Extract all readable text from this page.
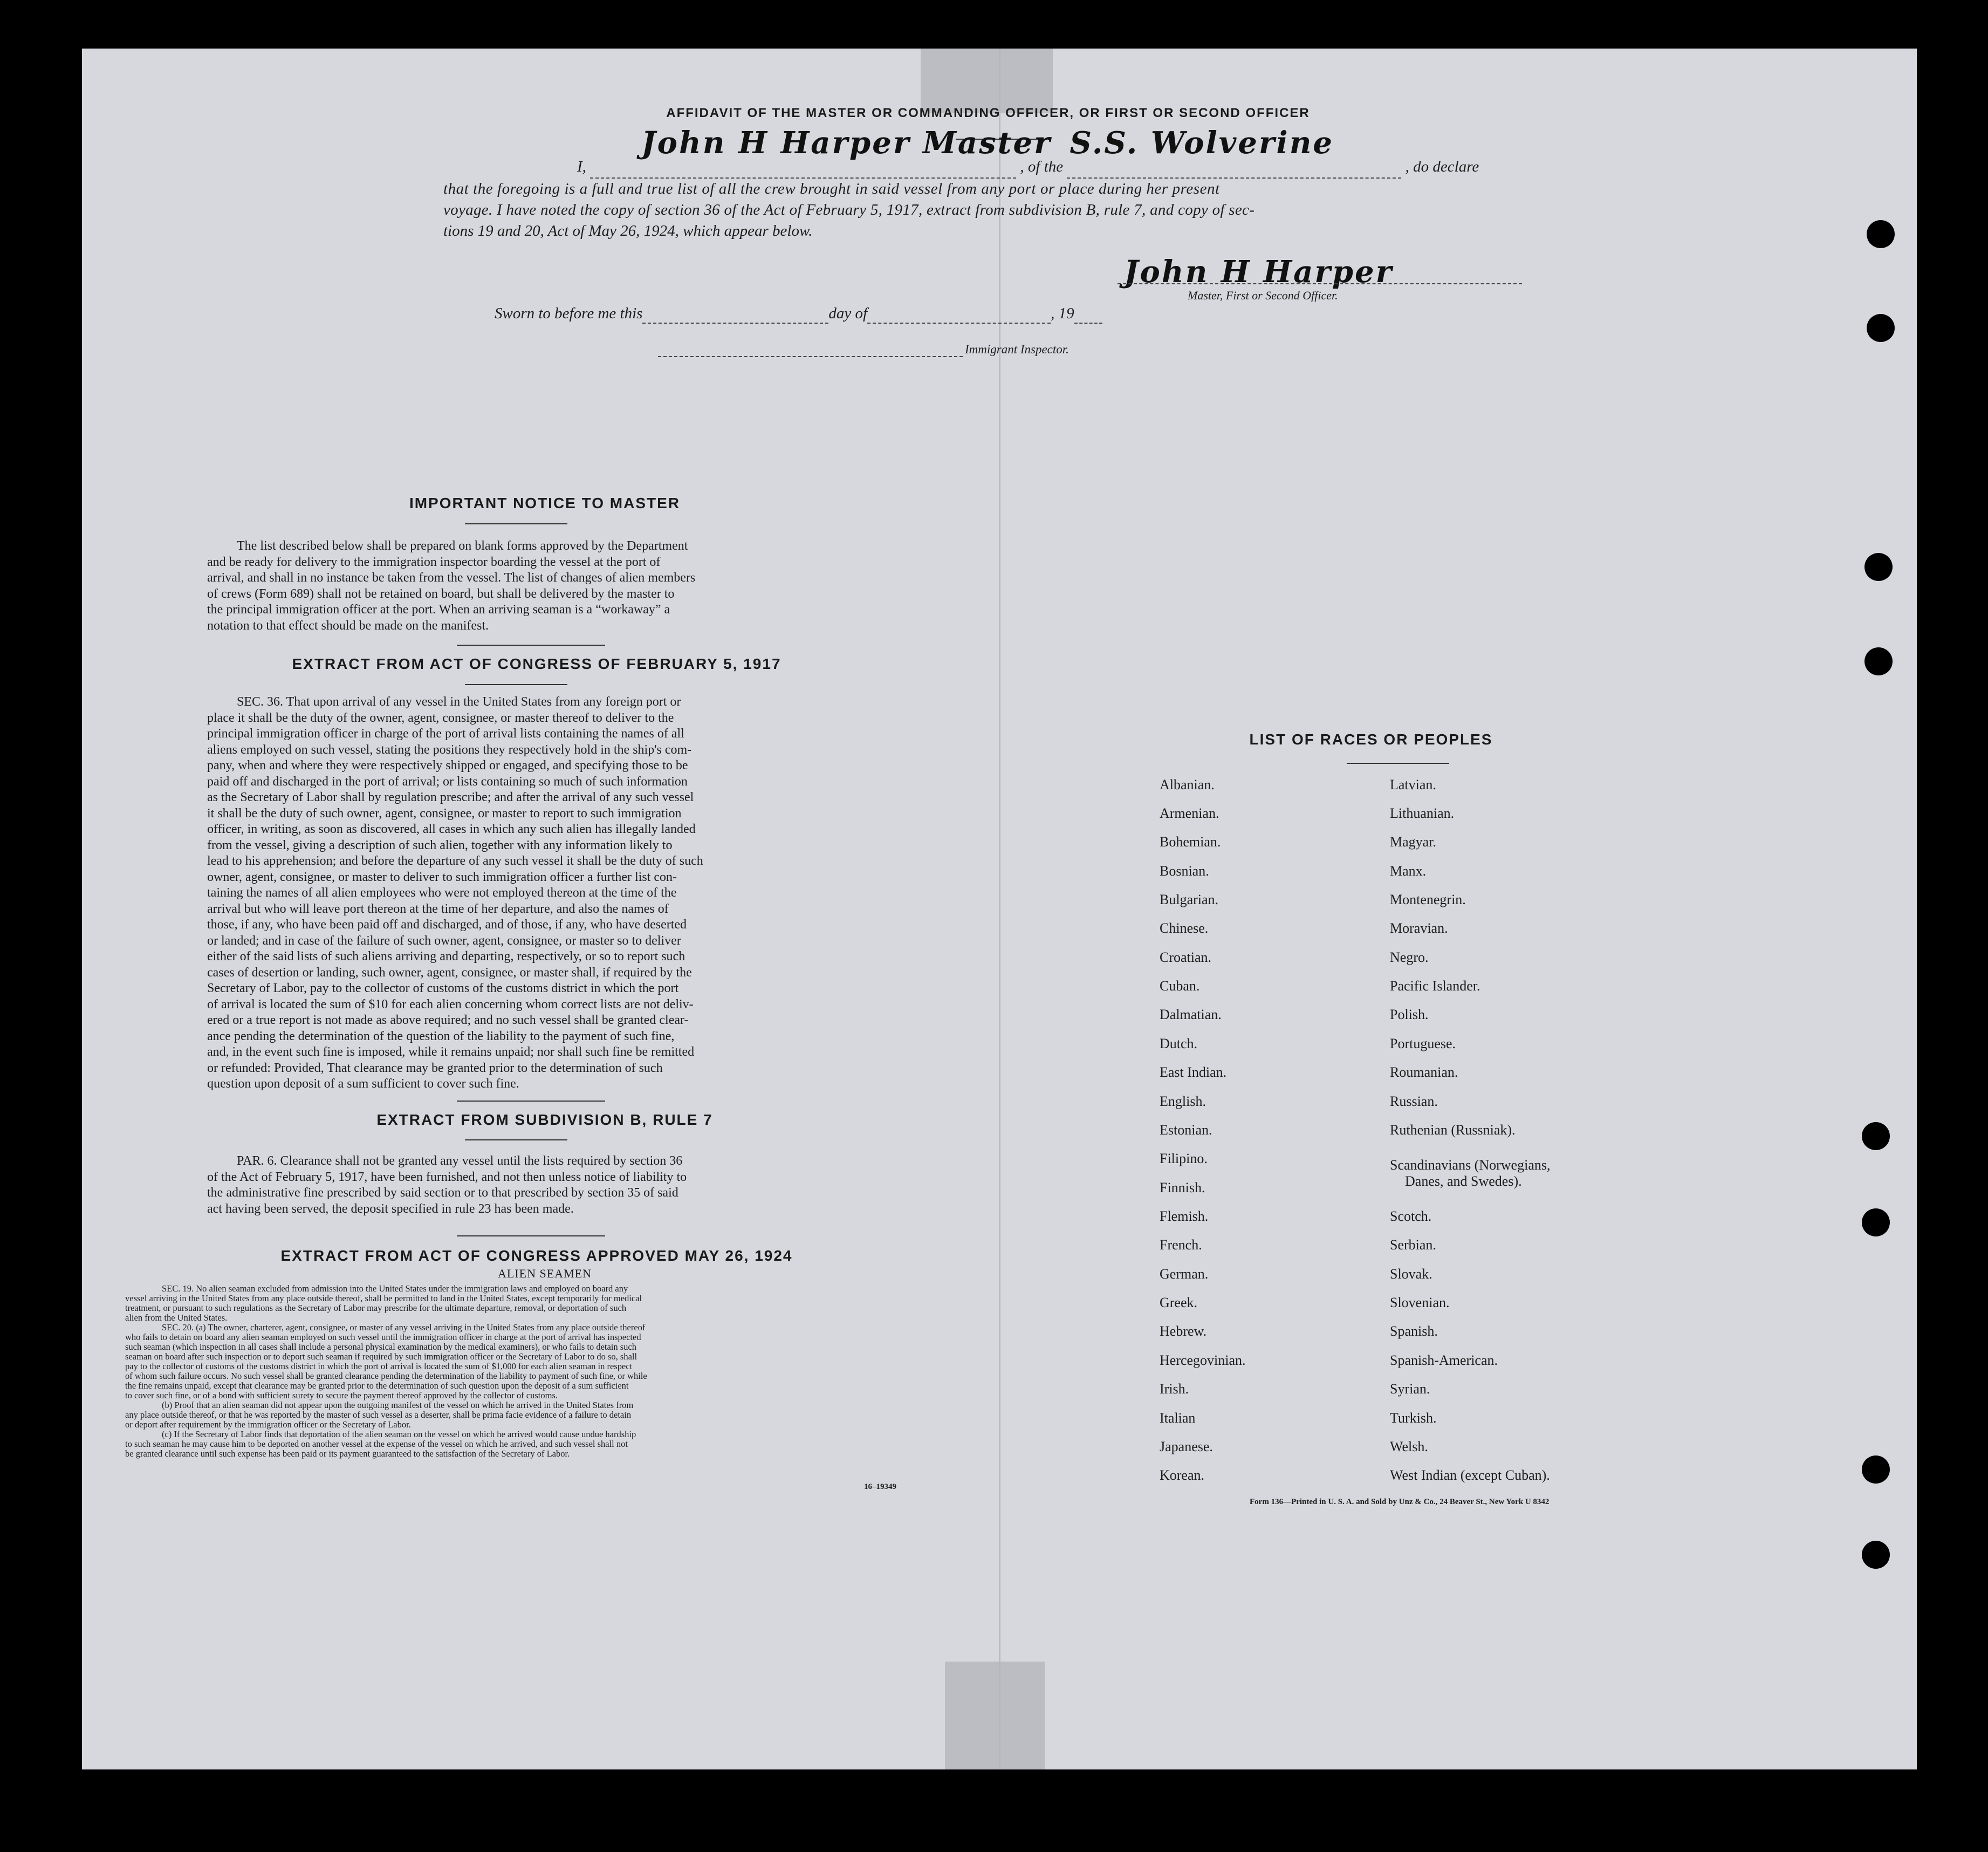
AFFIDAVIT OF THE MASTER OR COMMANDING OFFICER, OR FIRST OR SECOND OFFICER
I,
John H Harper Master
, of the
S.S. Wolverine
, do declare
that the foregoing is a full and true list of all the crew brought in said vessel from any port or place during her present
voyage. I have noted the copy of section 36 of the Act of February 5, 1917, extract from subdivision B, rule 7, and copy of sec-
tions 19 and 20, Act of May 26, 1924, which appear below.
John H Harper
Master, First or Second Officer.
Sworn to before me this	day of	, 19
Immigrant Inspector.
IMPORTANT NOTICE TO MASTER
The list described below shall be prepared on blank forms approved by the Department
and be ready for delivery to the immigration inspector boarding the vessel at the port of
arrival, and shall in no instance be taken from the vessel. The list of changes of alien members
of crews (Form 689) shall not be retained on board, but shall be delivered by the master to
the principal immigration officer at the port. When an arriving seaman is a “workaway” a
notation to that effect should be made on the manifest.
EXTRACT FROM ACT OF CONGRESS OF FEBRUARY 5, 1917
SEC. 36. That upon arrival of any vessel in the United States from any foreign port or
place it shall be the duty of the owner, agent, consignee, or master thereof to deliver to the
principal immigration officer in charge of the port of arrival lists containing the names of all
aliens employed on such vessel, stating the positions they respectively hold in the ship's com-
pany, when and where they were respectively shipped or engaged, and specifying those to be
paid off and discharged in the port of arrival; or lists containing so much of such information
as the Secretary of Labor shall by regulation prescribe; and after the arrival of any such vessel
it shall be the duty of such owner, agent, consignee, or master to report to such immigration
officer, in writing, as soon as discovered, all cases in which any such alien has illegally landed
from the vessel, giving a description of such alien, together with any information likely to
lead to his apprehension; and before the departure of any such vessel it shall be the duty of such
owner, agent, consignee, or master to deliver to such immigration officer a further list con-
taining the names of all alien employees who were not employed thereon at the time of the
arrival but who will leave port thereon at the time of her departure, and also the names of
those, if any, who have been paid off and discharged, and of those, if any, who have deserted
or landed; and in case of the failure of such owner, agent, consignee, or master so to deliver
either of the said lists of such aliens arriving and departing, respectively, or so to report such
cases of desertion or landing, such owner, agent, consignee, or master shall, if required by the
Secretary of Labor, pay to the collector of customs of the customs district in which the port
of arrival is located the sum of $10 for each alien concerning whom correct lists are not deliv-
ered or a true report is not made as above required; and no such vessel shall be granted clear-
ance pending the determination of the question of the liability to the payment of such fine,
and, in the event such fine is imposed, while it remains unpaid; nor shall such fine be remitted
or refunded: Provided, That clearance may be granted prior to the determination of such
question upon deposit of a sum sufficient to cover such fine.
EXTRACT FROM SUBDIVISION B, RULE 7
PAR. 6. Clearance shall not be granted any vessel until the lists required by section 36
of the Act of February 5, 1917, have been furnished, and not then unless notice of liability to
the administrative fine prescribed by said section or to that prescribed by section 35 of said
act having been served, the deposit specified in rule 23 has been made.
EXTRACT FROM ACT OF CONGRESS APPROVED MAY 26, 1924
ALIEN SEAMEN
SEC. 19. No alien seaman excluded from admission into the United States under the immigration laws and employed on board any
vessel arriving in the United States from any place outside thereof, shall be permitted to land in the United States, except temporarily for medical
treatment, or pursuant to such regulations as the Secretary of Labor may prescribe for the ultimate departure, removal, or deportation of such
alien from the United States.
SEC. 20. (a) The owner, charterer, agent, consignee, or master of any vessel arriving in the United States from any place outside thereof
who fails to detain on board any alien seaman employed on such vessel until the immigration officer in charge at the port of arrival has inspected
such seaman (which inspection in all cases shall include a personal physical examination by the medical examiners), or who fails to detain such
seaman on board after such inspection or to deport such seaman if required by such immigration officer or the Secretary of Labor to do so, shall
pay to the collector of customs of the customs district in which the port of arrival is located the sum of $1,000 for each alien seaman in respect
of whom such failure occurs. No such vessel shall be granted clearance pending the determination of the liability to payment of such fine, or while
the fine remains unpaid, except that clearance may be granted prior to the determination of such question upon the deposit of a sum sufficient
to cover such fine, or of a bond with sufficient surety to secure the payment thereof approved by the collector of customs.
(b) Proof that an alien seaman did not appear upon the outgoing manifest of the vessel on which he arrived in the United States from
any place outside thereof, or that he was reported by the master of such vessel as a deserter, shall be prima facie evidence of a failure to detain
or deport after requirement by the immigration officer or the Secretary of Labor.
(c) If the Secretary of Labor finds that deportation of the alien seaman on the vessel on which he arrived would cause undue hardship
to such seaman he may cause him to be deported on another vessel at the expense of the vessel on which he arrived, and such vessel shall not
be granted clearance until such expense has been paid or its payment guaranteed to the satisfaction of the Secretary of Labor.
16–19349
LIST OF RACES OR PEOPLES
Albanian.
Armenian.
Bohemian.
Bosnian.
Bulgarian.
Chinese.
Croatian.
Cuban.
Dalmatian.
Dutch.
East Indian.
English.
Estonian.
Filipino.
Finnish.
Flemish.
French.
German.
Greek.
Hebrew.
Hercegovinian.
Irish.
Italian
Japanese.
Korean.
Latvian.
Lithuanian.
Magyar.
Manx.
Montenegrin.
Moravian.
Negro.
Pacific Islander.
Polish.
Portuguese.
Roumanian.
Russian.
Ruthenian (Russniak).
Scandinavians (Norwegians,
Danes, and Swedes).
Scotch.
Serbian.
Slovak.
Slovenian.
Spanish.
Spanish-American.
Syrian.
Turkish.
Welsh.
West Indian (except Cuban).
Form 136—Printed in U. S. A. and Sold by Unz & Co., 24 Beaver St., New York U 8342
